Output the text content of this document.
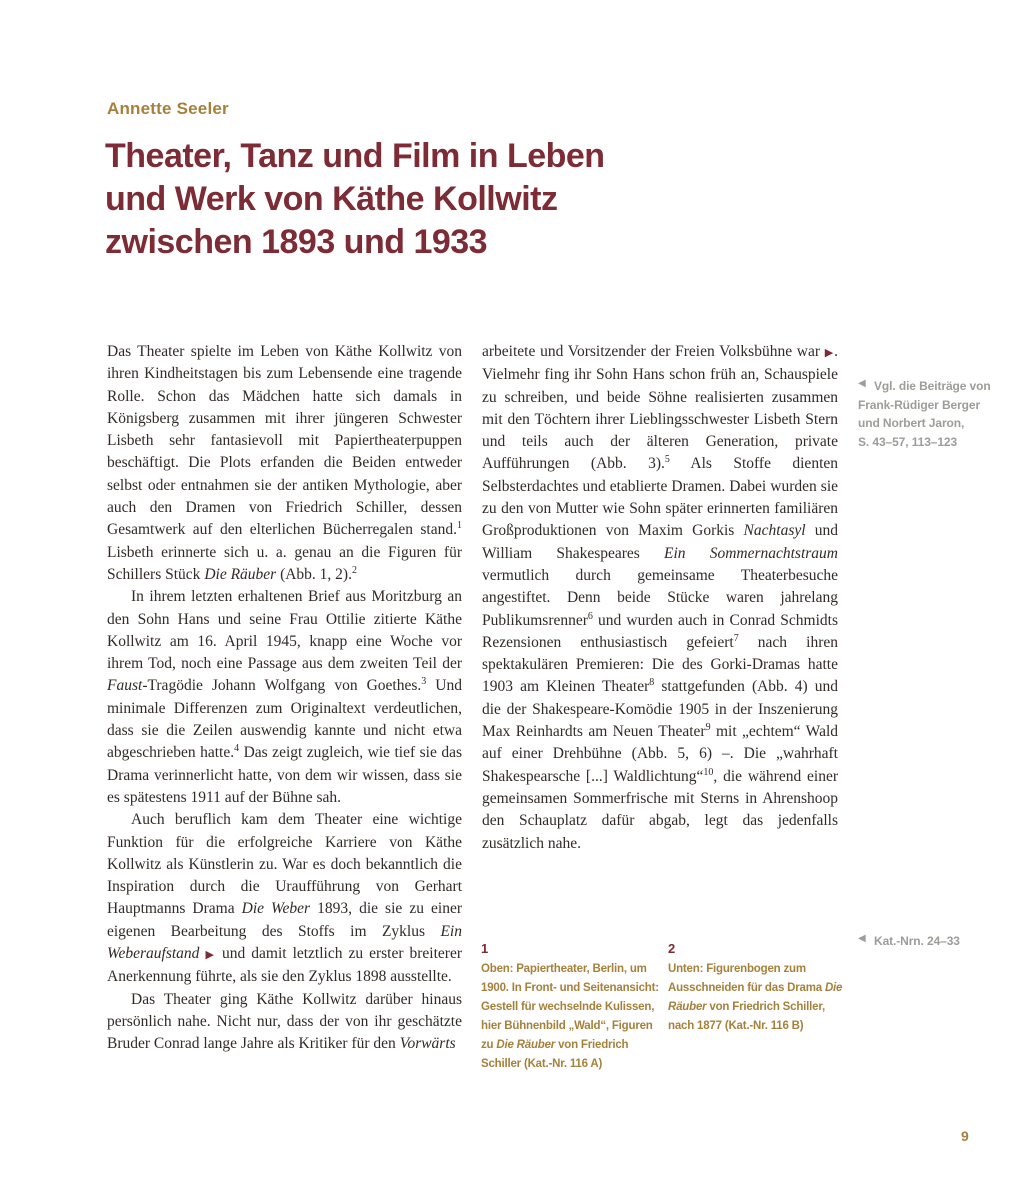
Annette Seeler
Theater, Tanz und Film in Leben
und Werk von Käthe Kollwitz
zwischen 1893 und 1933

Das Theater spielte im Leben von Käthe Kollwitz von ihren Kindheitstagen bis zum Lebensende eine tragende Rolle. Schon das Mädchen hatte sich damals in Königsberg zusammen mit ihrer jüngeren Schwester Lisbeth sehr fantasievoll mit Papiertheaterpuppen beschäftigt. Die Plots erfanden die Beiden entweder selbst oder entnahmen sie der antiken Mythologie, aber auch den Dramen von Friedrich Schiller, dessen Gesamtwerk auf den elterlichen Bücherregalen stand.$^1$ Lisbeth erinnerte sich u. a. genau an die Figuren für Schillers Stück Die Räuber (Abb. 1, 2).$^2$

In ihrem letzten erhaltenen Brief aus Moritzburg an den Sohn Hans und seine Frau Ottilie zitierte Käthe Kollwitz am 16. April 1945, knapp eine Woche vor ihrem Tod, noch eine Passage aus dem zweiten Teil der Faust-Tragödie Johann Wolfgang von Goethes.$^3$ Und minimale Differenzen zum Originaltext verdeutlichen, dass sie die Zeilen auswendig kannte und nicht etwa abgeschrieben hatte.$^4$ Das zeigt zugleich, wie tief sie das Drama verinnerlicht hatte, von dem wir wissen, dass sie es spätestens 1911 auf der Bühne sah.

Auch beruflich kam dem Theater eine wichtige Funktion für die erfolgreiche Karriere von Käthe Kollwitz als Künstlerin zu. War es doch bekanntlich die Inspiration durch die Uraufführung von Gerhart Hauptmanns Drama Die Weber 1893, die sie zu einer eigenen Bearbeitung des Stoffs im Zyklus Ein Weberaufstand ▶ und damit letztlich zu erster breiterer Anerkennung führte, als sie den Zyklus 1898 ausstellte.

Das Theater ging Käthe Kollwitz darüber hinaus persönlich nahe. Nicht nur, dass der von ihr geschätzte Bruder Conrad lange Jahre als Kritiker für den Vorwärts

arbeitete und Vorsitzender der Freien Volksbühne war ▶. Vielmehr fing ihr Sohn Hans schon früh an, Schauspiele zu schreiben, und beide Söhne realisierten zusammen mit den Töchtern ihrer Lieblingsschwester Lisbeth Stern und teils auch der älteren Generation, private Aufführungen (Abb. 3).$^5$ Als Stoffe dienten Selbsterdachtes und etablierte Dramen. Dabei wurden sie zu den von Mutter wie Sohn später erinnerten familiären Großproduktionen von Maxim Gorkis Nachtasyl und William Shakespeares Ein Sommernachtstraum vermutlich durch gemeinsame Theaterbesuche angestiftet. Denn beide Stücke waren jahrelang Publikumsrenner$^6$ und wurden auch in Conrad Schmidts Rezensionen enthusiastisch gefeiert$^7$ nach ihren spektakulären Premieren: Die des Gorki-Dramas hatte 1903 am Kleinen Theater$^8$ stattgefunden (Abb. 4) und die der Shakespeare-Komödie 1905 in der Inszenierung Max Reinhardts am Neuen Theater$^9$ mit „echtem“ Wald auf einer Drehbühne (Abb. 5, 6) –. Die „wahrhaft Shakespearsche [...] Waldlichtung“$^{10}$, die während einer gemeinsamen Sommerfrische mit Sterns in Ahrenshoop den Schauplatz dafür abgab, legt das jedenfalls zusätzlich nahe.

◀ Vgl. die Beiträge von
Frank-Rüdiger Berger
und Norbert Jaron,
S. 43–57, 113–123
◀ Kat.-Nrn. 24–33
1
Oben: Papiertheater, Berlin, um 1900. In Front- und Seitenansicht: Gestell für wechselnde Kulissen, hier Bühnenbild „Wald“, Figuren zu Die Räuber von Friedrich Schiller (Kat.-Nr. 116 A)
2
Unten: Figurenbogen zum Ausschneiden für das Drama Die Räuber von Friedrich Schiller, nach 1877 (Kat.-Nr. 116 B)
9
